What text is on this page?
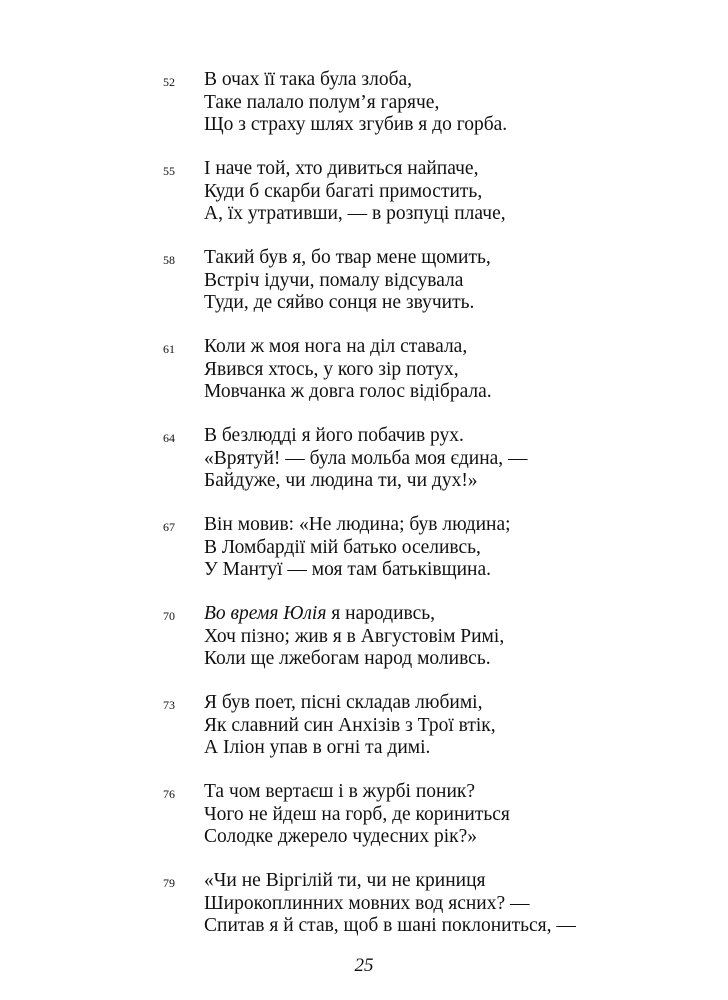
52 В очах її така була злоба,
Таке палало полум’я гаряче,
Що з страху шлях згубив я до горба.
55 І наче той, хто дивиться найпаче,
Куди б скарби багаті примостить,
А, їх утративши, — в розпуці плаче,
58 Такий був я, бо твар мене щомить,
Встріч ідучи, помалу відсувала
Туди, де сяйво сонця не звучить.
61 Коли ж моя нога на діл ставала,
Явився хтось, у кого зір потух,
Мовчанка ж довга голос відібрала.
64 В безлюдді я його побачив рух.
«Врятуй! — була мольба моя єдина, —
Байдуже, чи людина ти, чи дух!»
67 Він мовив: «Не людина; був людина;
В Ломбардії мій батько осeливсь,
У Мантуї — моя там батьківщина.
70 Во время Юлія я народивсь,
Хоч пізно; жив я в Августовім Римі,
Коли ще лжебогам народ моливсь.
73 Я був поет, пісні складав любимі,
Як славний син Анхізів з Трої втік,
А Іліон упав в огні та димі.
76 Та чом вертаєш і в журбі поник?
Чого не йдеш на горб, де кориниться
Солодке джерело чудесних рік?»
79 «Чи не Віргілій ти, чи не криниця
Широкоплинних мовних вод ясних? —
Спитав я й став, щоб в шані поклониться, —
25
